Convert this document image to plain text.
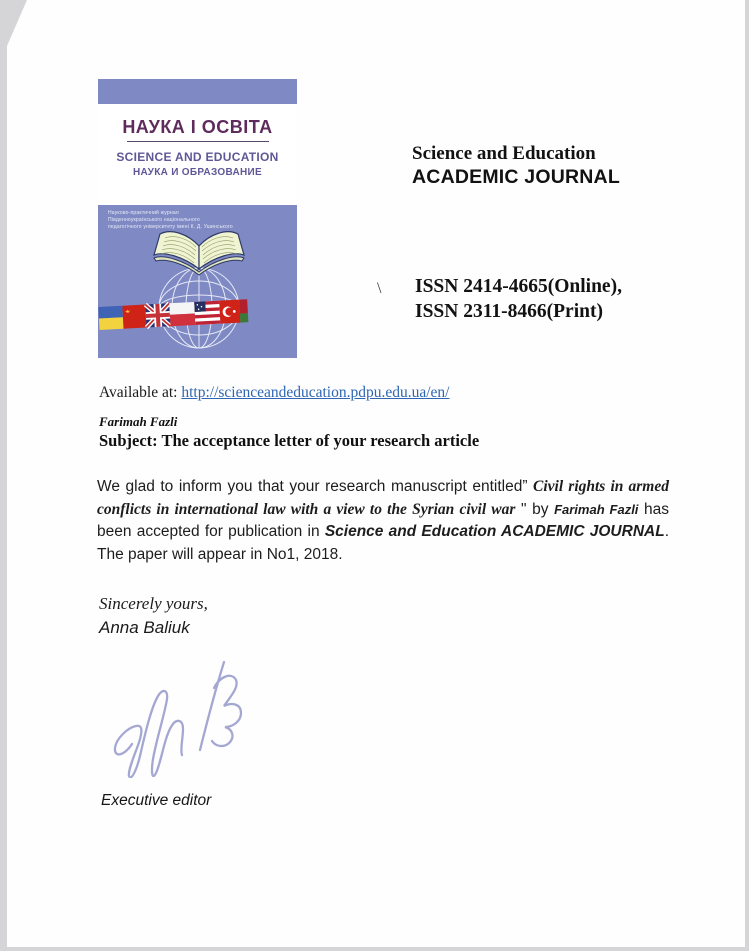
НАУКА І ОСВІТА
SCIENCE AND EDUCATION
НАУКА И ОБРАЗОВАНИЕ
Науково-практичний журнал
Південноукраїнського національного
педагогічного університету імені К. Д. Ушинського
Science and Education
ACADEMIC JOURNAL
\ ISSN 2414-4665(Online),
ISSN 2311-8466(Print)
Available at: http://scienceandeducation.pdpu.edu.ua/en/
Farimah Fazli
Subject: The acceptance letter of your research article
We glad to inform you that your research manuscript entitled” Civil rights in armed conflicts in international law with a view to the Syrian civil war " by Farimah Fazli has been accepted for publication in Science and Education ACADEMIC JOURNAL. The paper will appear in No1, 2018.
Sincerely yours,
Anna Baliuk
Executive editor
